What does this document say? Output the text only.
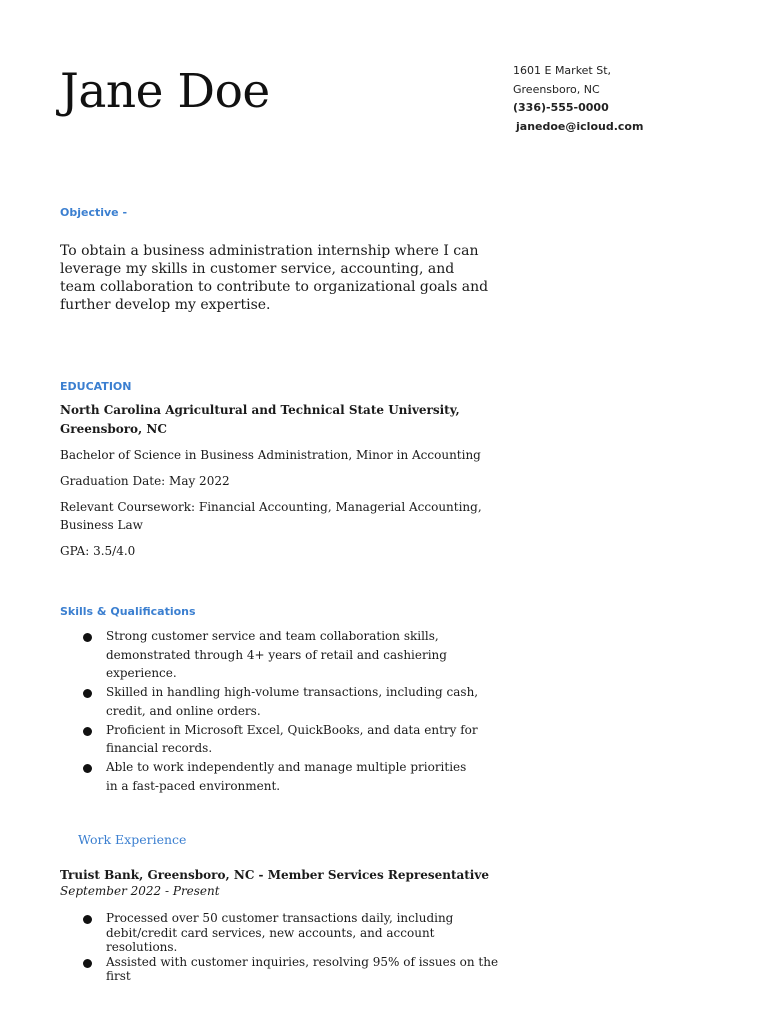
Jane Doe	1601 E Market St,
Greensboro, NC
(336)-555-0000
janedoe@icloud.com
Objective -
To obtain a business administration internship where I can leverage my skills in customer service, accounting, and team collaboration to contribute to organizational goals and further develop my expertise.
EDUCATION

North Carolina Agricultural and Technical State University, Greensboro, NC

Bachelor of Science in Business Administration, Minor in Accounting

Graduation Date: May 2022

Relevant Coursework: Financial Accounting, Managerial Accounting, Business Law

GPA: 3.5/4.0

Skills & Qualifications
Strong customer service and team collaboration skills, demonstrated through 4+ years of retail and cashiering experience.
Skilled in handling high-volume transactions, including cash, credit, and online orders.
Proficient in Microsoft Excel, QuickBooks, and data entry for financial records.
Able to work independently and manage multiple priorities in a fast-paced environment.
Work Experience
Truist Bank, Greensboro, NC - Member Services Representative
September 2022 - Present
Processed over 50 customer transactions daily, including debit/credit card services, new accounts, and account resolutions.
Assisted with customer inquiries, resolving 95% of issues on the first
